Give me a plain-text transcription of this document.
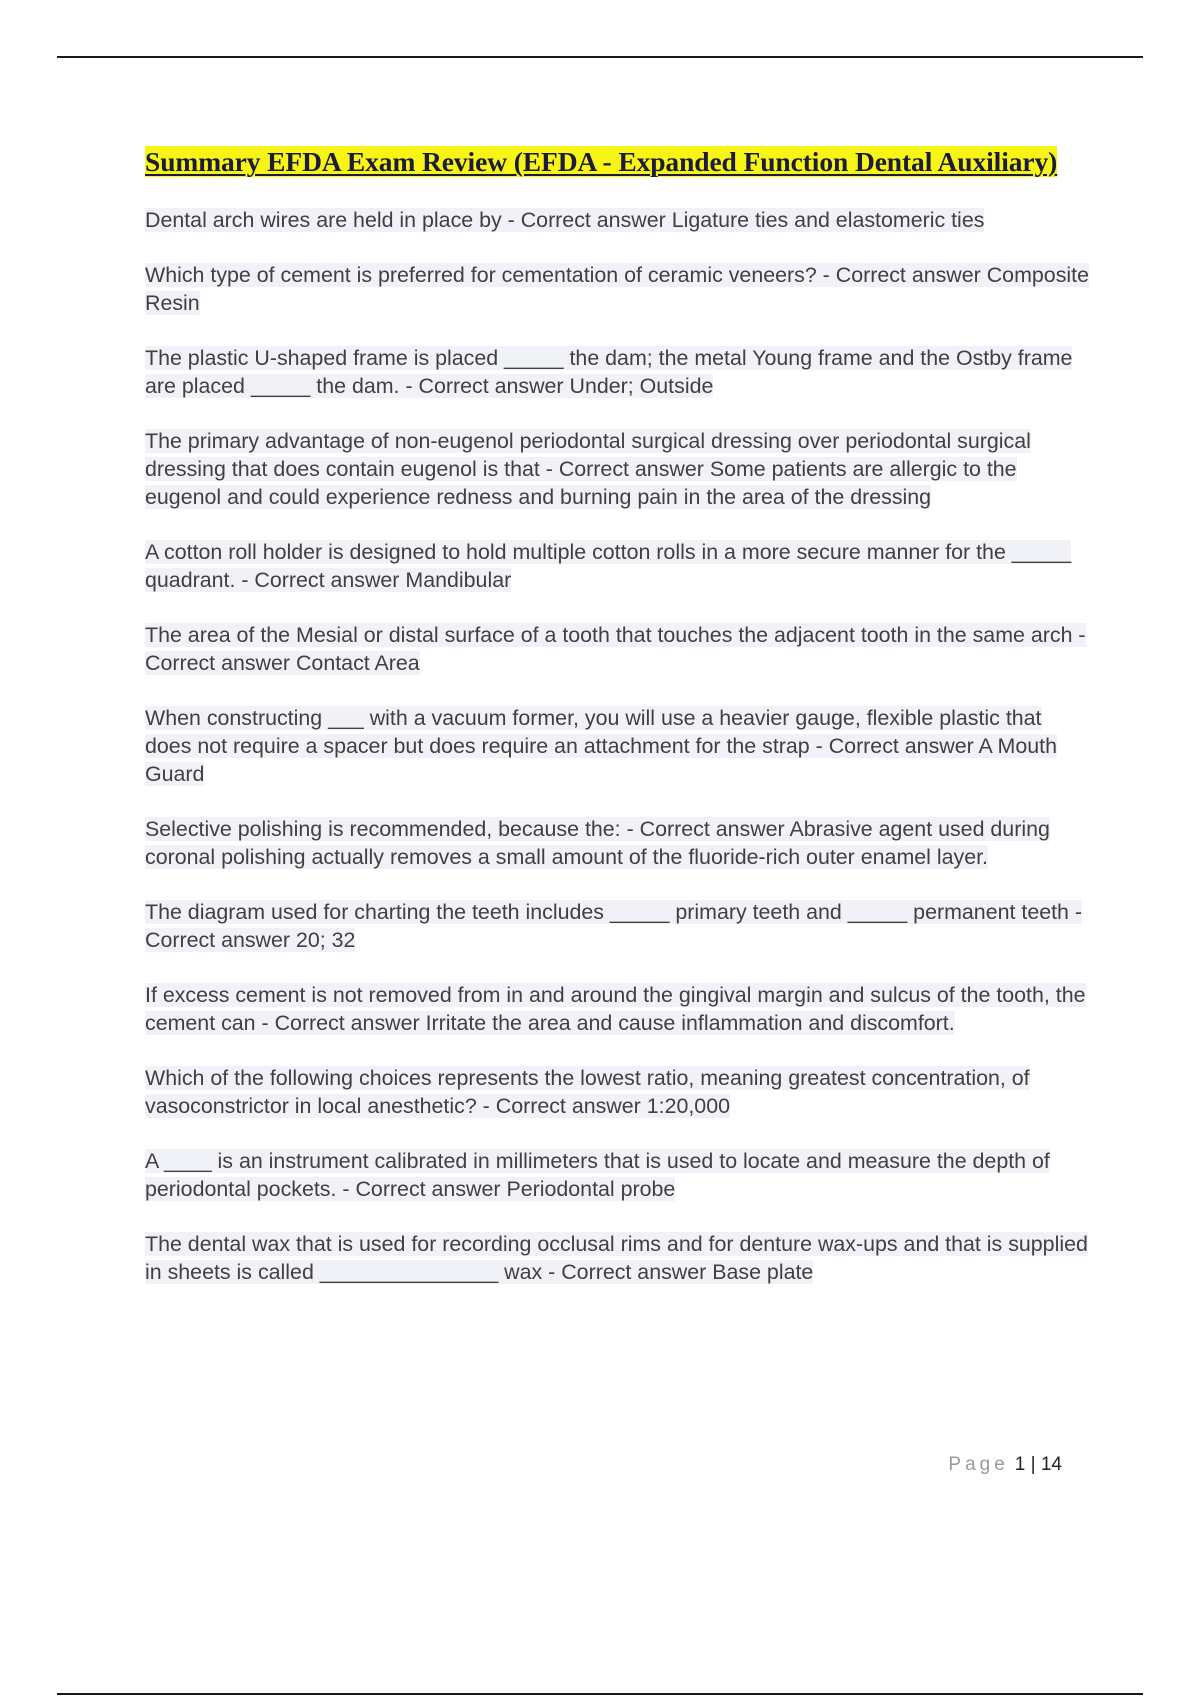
Summary EFDA Exam Review (EFDA - Expanded Function Dental Auxiliary)

Dental arch wires are held in place by - Correct answer Ligature ties and elastomeric ties

Which type of cement is preferred for cementation of ceramic veneers? - Correct answer Composite Resin

The plastic U-shaped frame is placed _____ the dam; the metal Young frame and the Ostby frame are placed _____ the dam. - Correct answer Under; Outside

The primary advantage of non-eugenol periodontal surgical dressing over periodontal surgical dressing that does contain eugenol is that - Correct answer Some patients are allergic to the eugenol and could experience redness and burning pain in the area of the dressing

A cotton roll holder is designed to hold multiple cotton rolls in a more secure manner for the _____ quadrant. - Correct answer Mandibular

The area of the Mesial or distal surface of a tooth that touches the adjacent tooth in the same arch - Correct answer Contact Area

When constructing ___ with a vacuum former, you will use a heavier gauge, flexible plastic that does not require a spacer but does require an attachment for the strap - Correct answer A Mouth Guard

Selective polishing is recommended, because the: - Correct answer Abrasive agent used during coronal polishing actually removes a small amount of the fluoride-rich outer enamel layer.

The diagram used for charting the teeth includes _____ primary teeth and _____ permanent teeth - Correct answer 20; 32

If excess cement is not removed from in and around the gingival margin and sulcus of the tooth, the cement can - Correct answer Irritate the area and cause inflammation and discomfort.

Which of the following choices represents the lowest ratio, meaning greatest concentration, of vasoconstrictor in local anesthetic? - Correct answer 1:20,000

A ____ is an instrument calibrated in millimeters that is used to locate and measure the depth of periodontal pockets. - Correct answer Periodontal probe

The dental wax that is used for recording occlusal rims and for denture wax-ups and that is supplied in sheets is called _______________ wax - Correct answer Base plate

Page 1 | 14
